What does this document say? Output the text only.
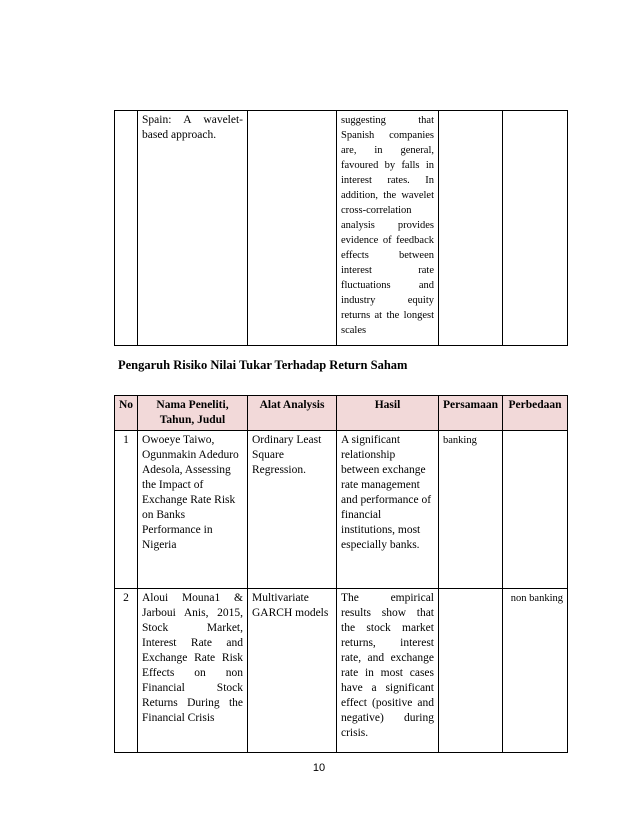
	Spain: A wavelet-based approach.		suggesting that Spanish companies are, in general, favoured by falls in interest rates. In addition, the wavelet cross-correlation analysis provides evidence of feedback effects between interest rate fluctuations and industry equity returns at the longest scales		
Pengaruh Risiko Nilai Tukar Terhadap Return Saham
No	Nama Peneliti, Tahun, Judul	Alat Analysis	Hasil	Persamaan	Perbedaan
1	Owoeye Taiwo, Ogunmakin Adeduro Adesola, Assessing the Impact of Exchange Rate Risk on Banks Performance in Nigeria	Ordinary Least Square Regression.	A significant relationship between exchange rate management and performance of financial institutions, most especially banks.	banking	
2	Aloui Mouna1 & Jarboui Anis, 2015, Stock Market, Interest Rate and Exchange Rate Risk Effects on non Financial Stock Returns During the Financial Crisis	Multivariate GARCH models	The empirical results show that the stock market returns, interest rate, and exchange rate in most cases have a significant effect (positive and negative) during crisis.		non banking
10
